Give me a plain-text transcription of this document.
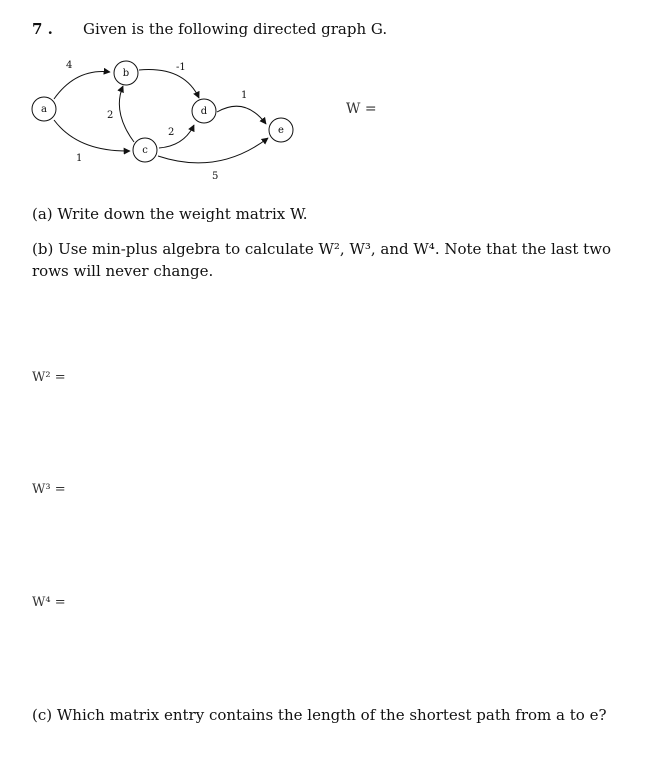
7 . Given is the following directed graph G.
4
1
-1
2
2
1
5
a
b
c
d
e
W =
(a) Write down the weight matrix W.
(b) Use min-plus algebra to calculate W², W³, and W⁴. Note that the last two rows will never change.
W² =
W³ =
W⁴ =
(c) Which matrix entry contains the length of the shortest path from a to e?
